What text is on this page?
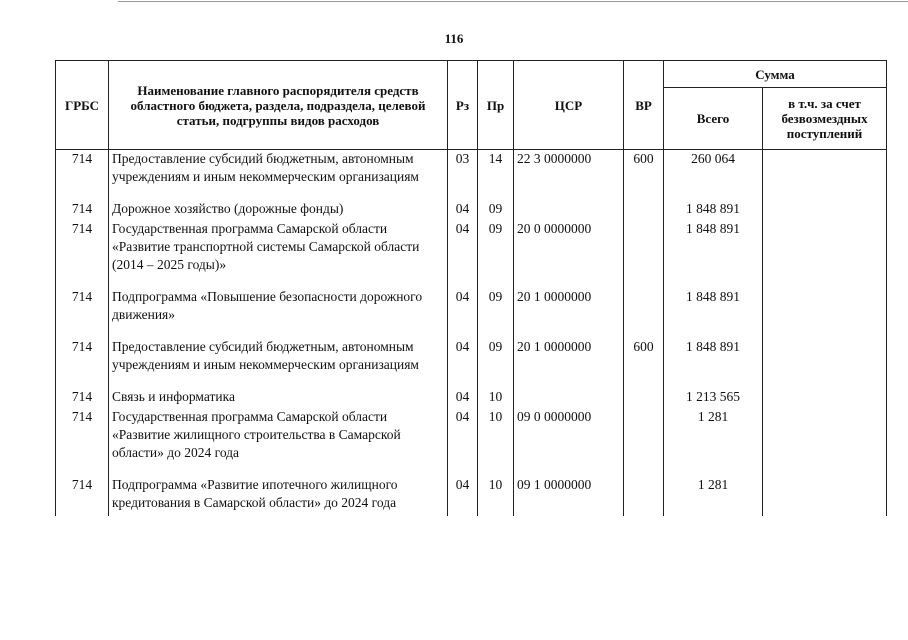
116
ГРБС	Наименование главного распорядителя средств областного бюджета, раздела, подраздела, целевой статьи, подгруппы видов расходов	Рз	Пр	ЦСР	ВР	Сумма	
						Всего	в т.ч. за счет безвозмездных поступлений
714	Предоставление субсидий бюджетным, автономным учреждениям и иным некоммерческим организациям	03	14	22 3 0000000	600	260 064	
714	Дорожное хозяйство (дорожные фонды)	04	09			1 848 891	
714	Государственная программа Самарской области «Развитие транспортной системы Самарской области (2014 – 2025 годы)»	04	09	20 0 0000000		1 848 891	
714	Подпрограмма «Повышение безопасности дорожного движения»	04	09	20 1 0000000		1 848 891	
714	Предоставление субсидий бюджетным, автономным учреждениям и иным некоммерческим организациям	04	09	20 1 0000000	600	1 848 891	
714	Связь и информатика	04	10			1 213 565	
714	Государственная программа Самарской области «Развитие жилищного строительства в Самарской области» до 2024 года	04	10	09 0 0000000		1 281	
714	Подпрограмма «Развитие ипотечного жилищного кредитования в Самарской области» до 2024 года	04	10	09 1 0000000		1 281	
